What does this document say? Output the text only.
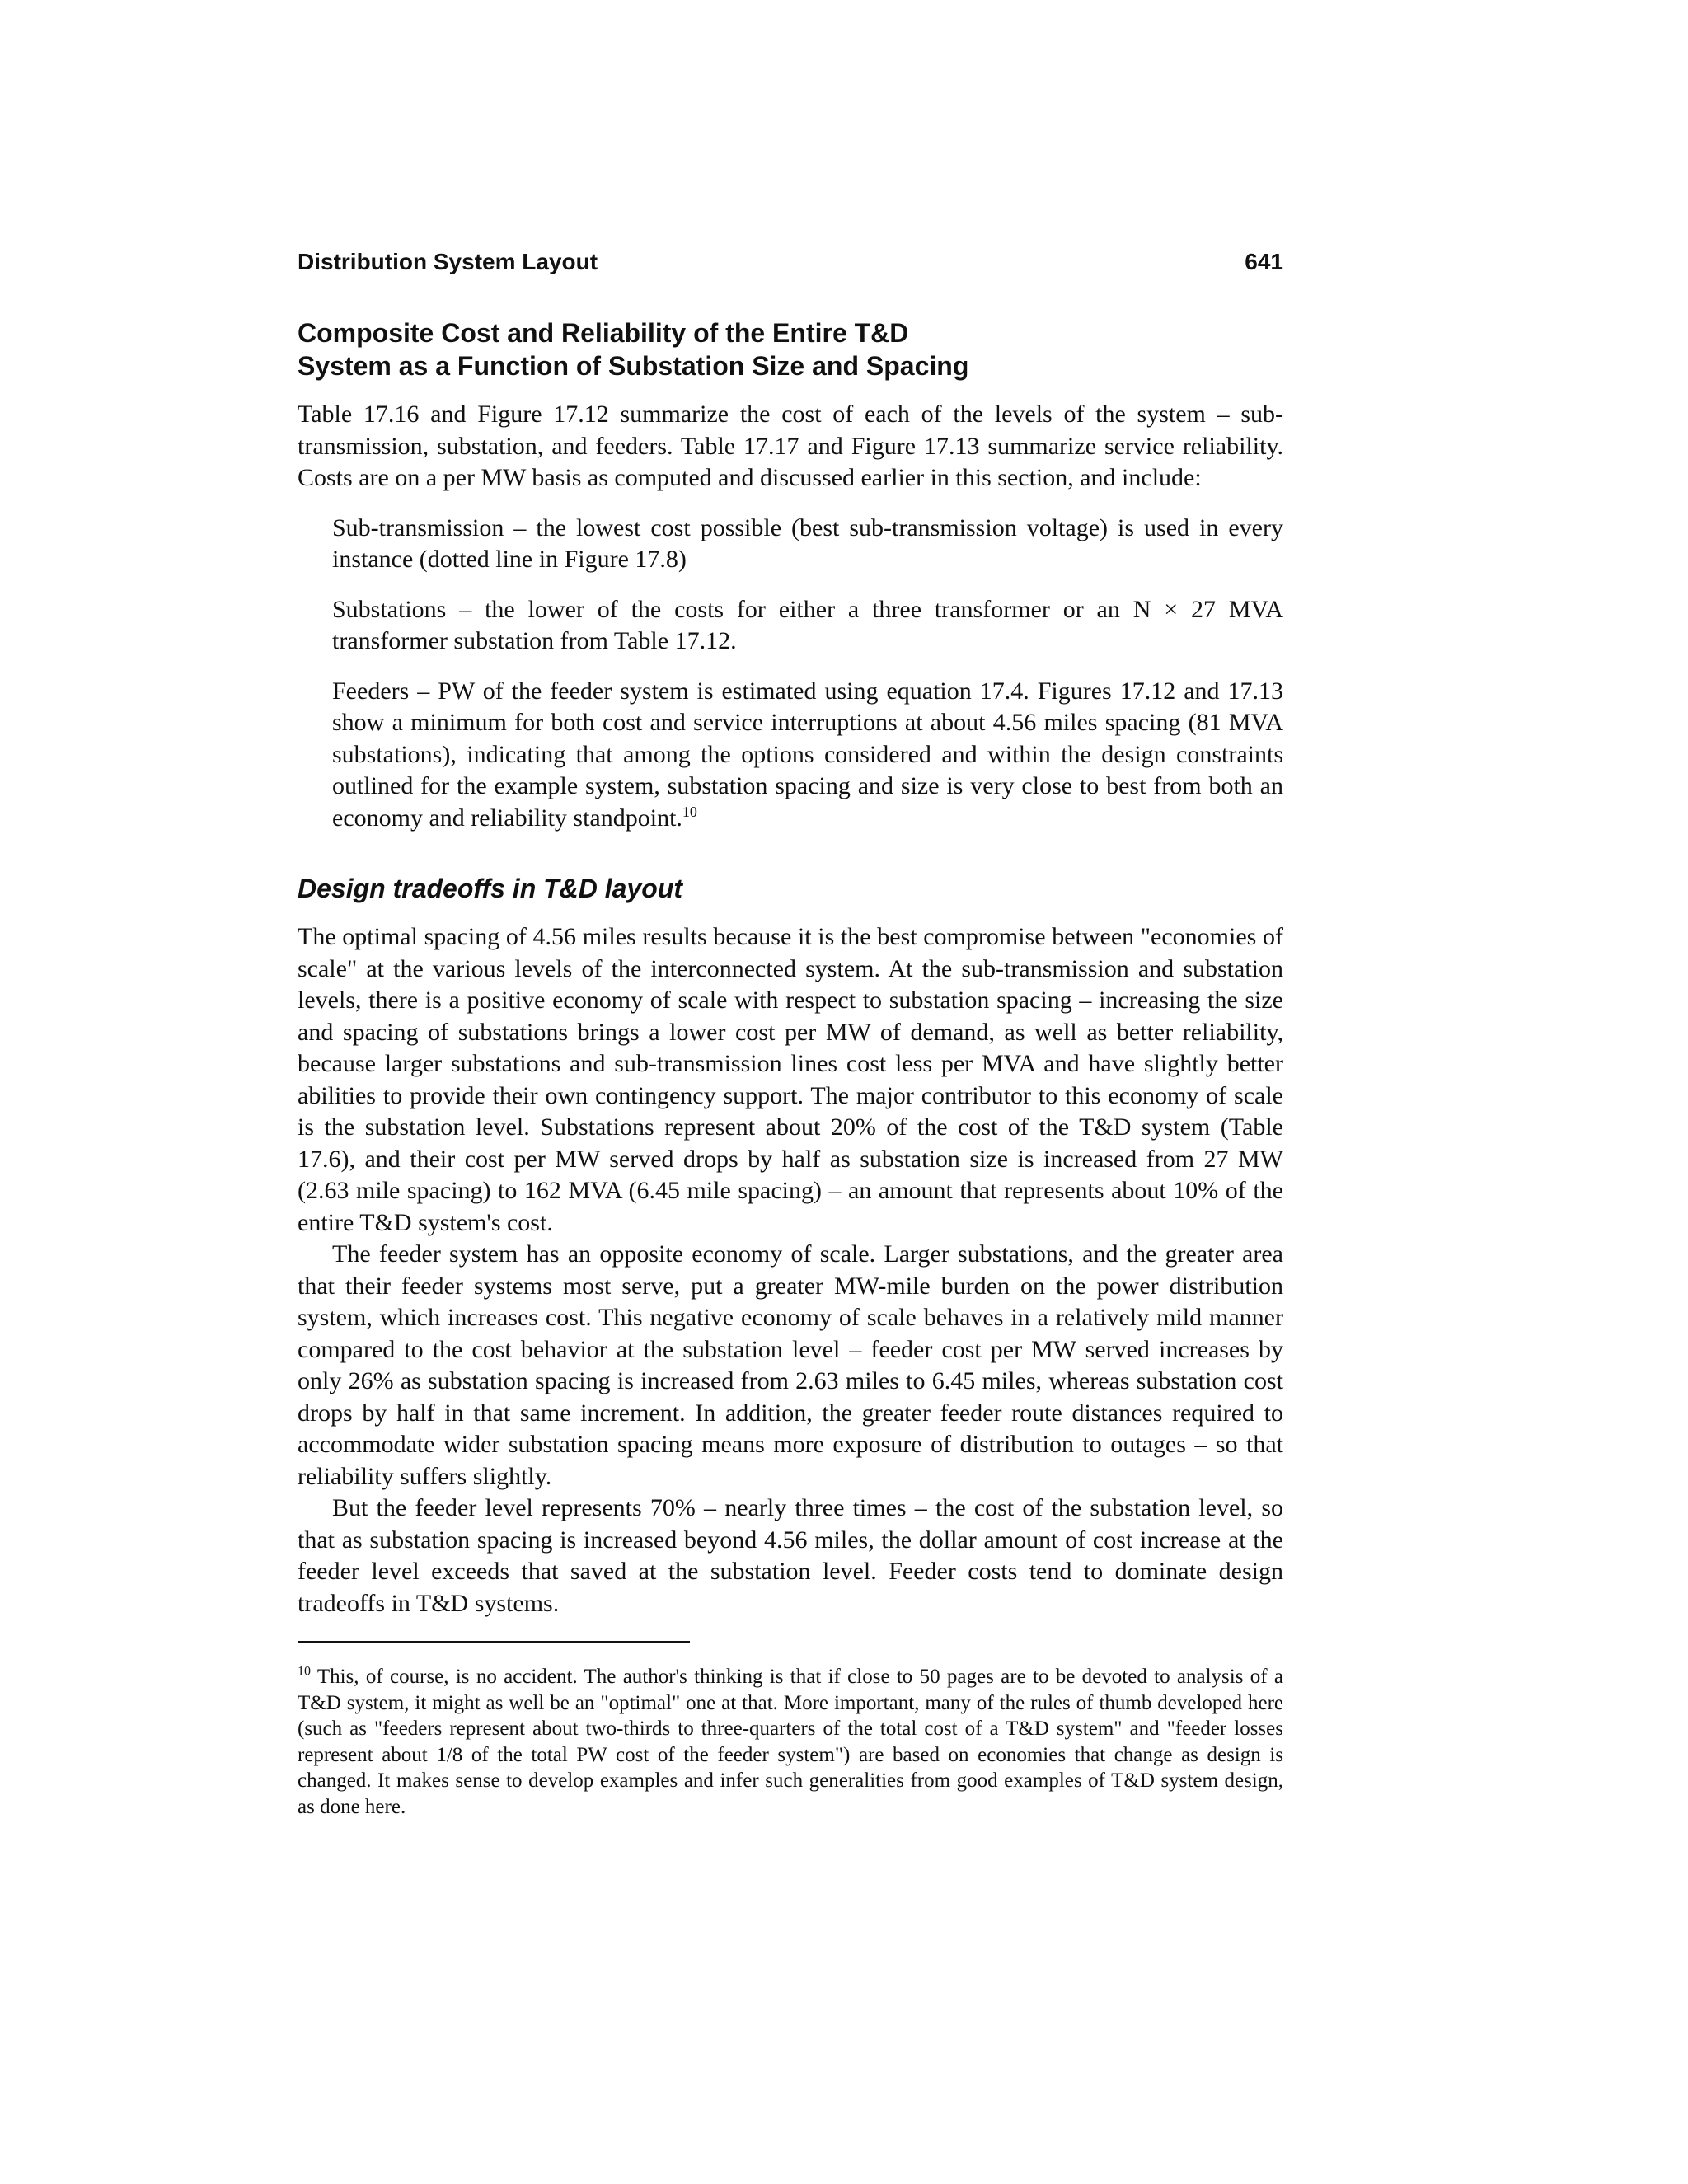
Distribution System Layout	641
Composite Cost and Reliability of the Entire T&D
System as a Function of Substation Size and Spacing

Table 17.16 and Figure 17.12 summarize the cost of each of the levels of the system – sub-transmission, substation, and feeders. Table 17.17 and Figure 17.13 summarize service reliability. Costs are on a per MW basis as computed and discussed earlier in this section, and include:

Sub-transmission – the lowest cost possible (best sub-transmission voltage) is used in every instance (dotted line in Figure 17.8)

Substations – the lower of the costs for either a three transformer or an N × 27 MVA transformer substation from Table 17.12.

Feeders – PW of the feeder system is estimated using equation 17.4. Figures 17.12 and 17.13 show a minimum for both cost and service interruptions at about 4.56 miles spacing (81 MVA substations), indicating that among the options considered and within the design constraints outlined for the example system, substation spacing and size is very close to best from both an economy and reliability standpoint.$^{10}$

Design tradeoffs in T&D layout

The optimal spacing of 4.56 miles results because it is the best compromise between "economies of scale" at the various levels of the interconnected system. At the sub-transmission and substation levels, there is a positive economy of scale with respect to substation spacing – increasing the size and spacing of substations brings a lower cost per MW of demand, as well as better reliability, because larger substations and sub-transmission lines cost less per MVA and have slightly better abilities to provide their own contingency support. The major contributor to this economy of scale is the substation level. Substations represent about 20% of the cost of the T&D system (Table 17.6), and their cost per MW served drops by half as substation size is increased from 27 MW (2.63 mile spacing) to 162 MVA (6.45 mile spacing) – an amount that represents about 10% of the entire T&D system's cost.

The feeder system has an opposite economy of scale. Larger substations, and the greater area that their feeder systems most serve, put a greater MW-mile burden on the power distribution system, which increases cost. This negative economy of scale behaves in a relatively mild manner compared to the cost behavior at the substation level – feeder cost per MW served increases by only 26% as substation spacing is increased from 2.63 miles to 6.45 miles, whereas substation cost drops by half in that same increment. In addition, the greater feeder route distances required to accommodate wider substation spacing means more exposure of distribution to outages – so that reliability suffers slightly.

But the feeder level represents 70% – nearly three times – the cost of the substation level, so that as substation spacing is increased beyond 4.56 miles, the dollar amount of cost increase at the feeder level exceeds that saved at the substation level. Feeder costs tend to dominate design tradeoffs in T&D systems.

$^{10}$ This, of course, is no accident. The author's thinking is that if close to 50 pages are to be devoted to analysis of a T&D system, it might as well be an "optimal" one at that. More important, many of the rules of thumb developed here (such as "feeders represent about two-thirds to three-quarters of the total cost of a T&D system" and "feeder losses represent about 1/8 of the total PW cost of the feeder system") are based on economies that change as design is changed. It makes sense to develop examples and infer such generalities from good examples of T&D system design, as done here.
